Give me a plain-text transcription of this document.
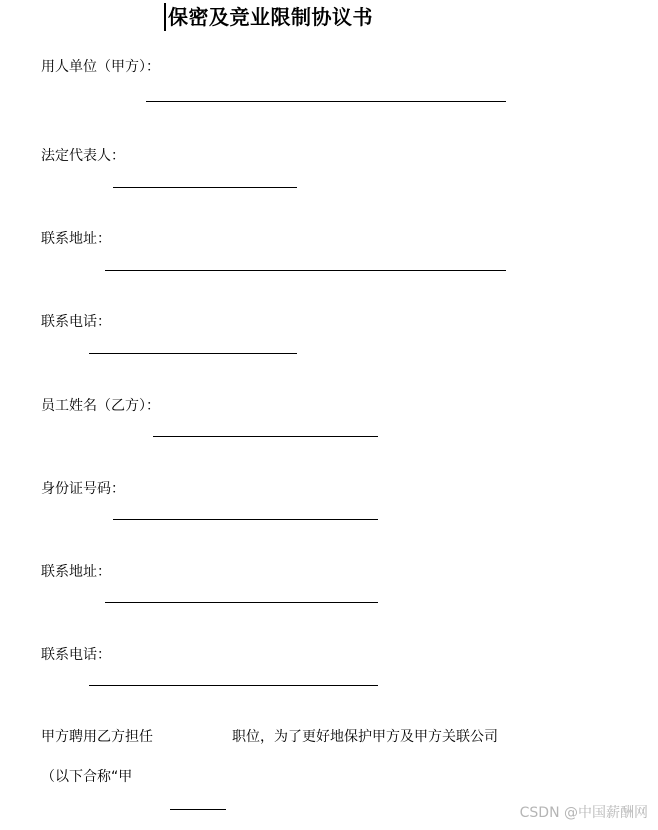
保密及竞业限制协议书
用人单位（甲方）：
法定代表人：
联系地址：
联系电话：
员工姓名（乙方）：
身份证号码：
联系地址：
联系电话：
甲方聘用乙方担任	职位，为了更好地保护甲方及甲方关联公司
（以下合称“甲
CSDN @中国薪酬网
